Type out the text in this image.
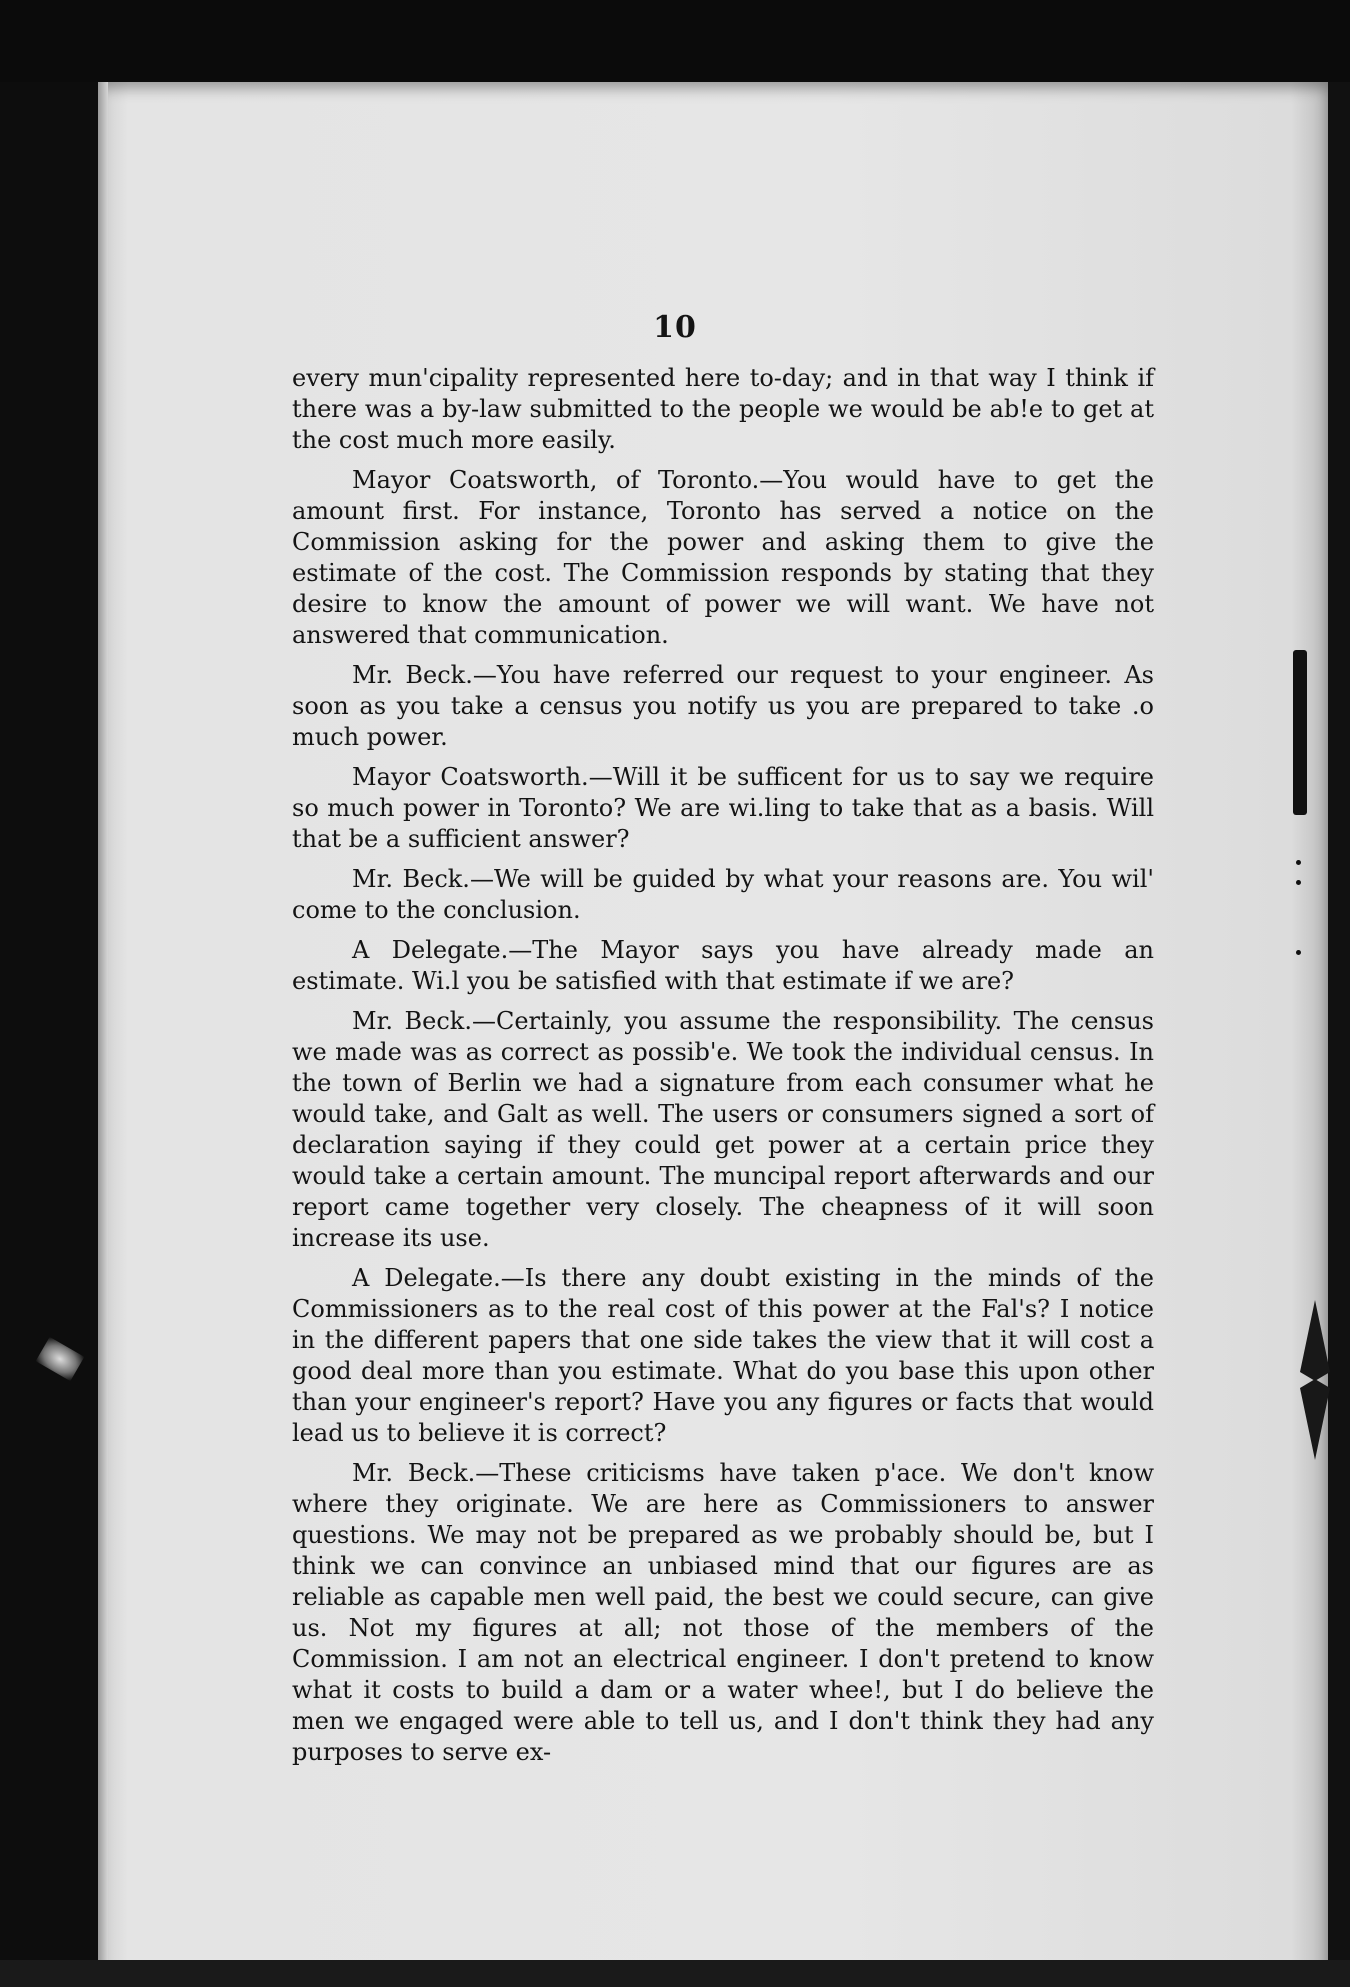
10

every mun'cipality represented here to-day; and in that way I think if there was a by-law submitted to the people we would be ab!e to get at the cost much more easily.

Mayor Coatsworth, of Toronto.—You would have to get the amount first. For instance, Toronto has served a notice on the Commission asking for the power and asking them to give the estimate of the cost. The Commission responds by stating that they desire to know the amount of power we will want. We have not answered that communication.

Mr. Beck.—You have referred our request to your engineer. As soon as you take a census you notify us you are prepared to take .o much power.

Mayor Coatsworth.—Will it be sufficent for us to say we require so much power in Toronto? We are wi.ling to take that as a basis. Will that be a sufficient answer?

Mr. Beck.—We will be guided by what your reasons are. You wil' come to the conclusion.

A Delegate.—The Mayor says you have already made an estimate. Wi.l you be satisfied with that estimate if we are?

Mr. Beck.—Certainly, you assume the responsibility. The census we made was as correct as possib'e. We took the individual census. In the town of Berlin we had a signature from each consumer what he would take, and Galt as well. The users or consumers signed a sort of declaration saying if they could get power at a certain price they would take a certain amount. The muncipal report afterwards and our report came together very closely. The cheapness of it will soon increase its use.

A Delegate.—Is there any doubt existing in the minds of the Commissioners as to the real cost of this power at the Fal's? I notice in the different papers that one side takes the view that it will cost a good deal more than you estimate. What do you base this upon other than your engineer's report? Have you any figures or facts that would lead us to believe it is correct?

Mr. Beck.—These criticisms have taken p'ace. We don't know where they originate. We are here as Commissioners to answer questions. We may not be prepared as we probably should be, but I think we can convince an unbiased mind that our figures are as reliable as capable men well paid, the best we could secure, can give us. Not my figures at all; not those of the members of the Commission. I am not an electrical engineer. I don't pretend to know what it costs to build a dam or a water whee!, but I do believe the men we engaged were able to tell us, and I don't think they had any purposes to serve ex-
